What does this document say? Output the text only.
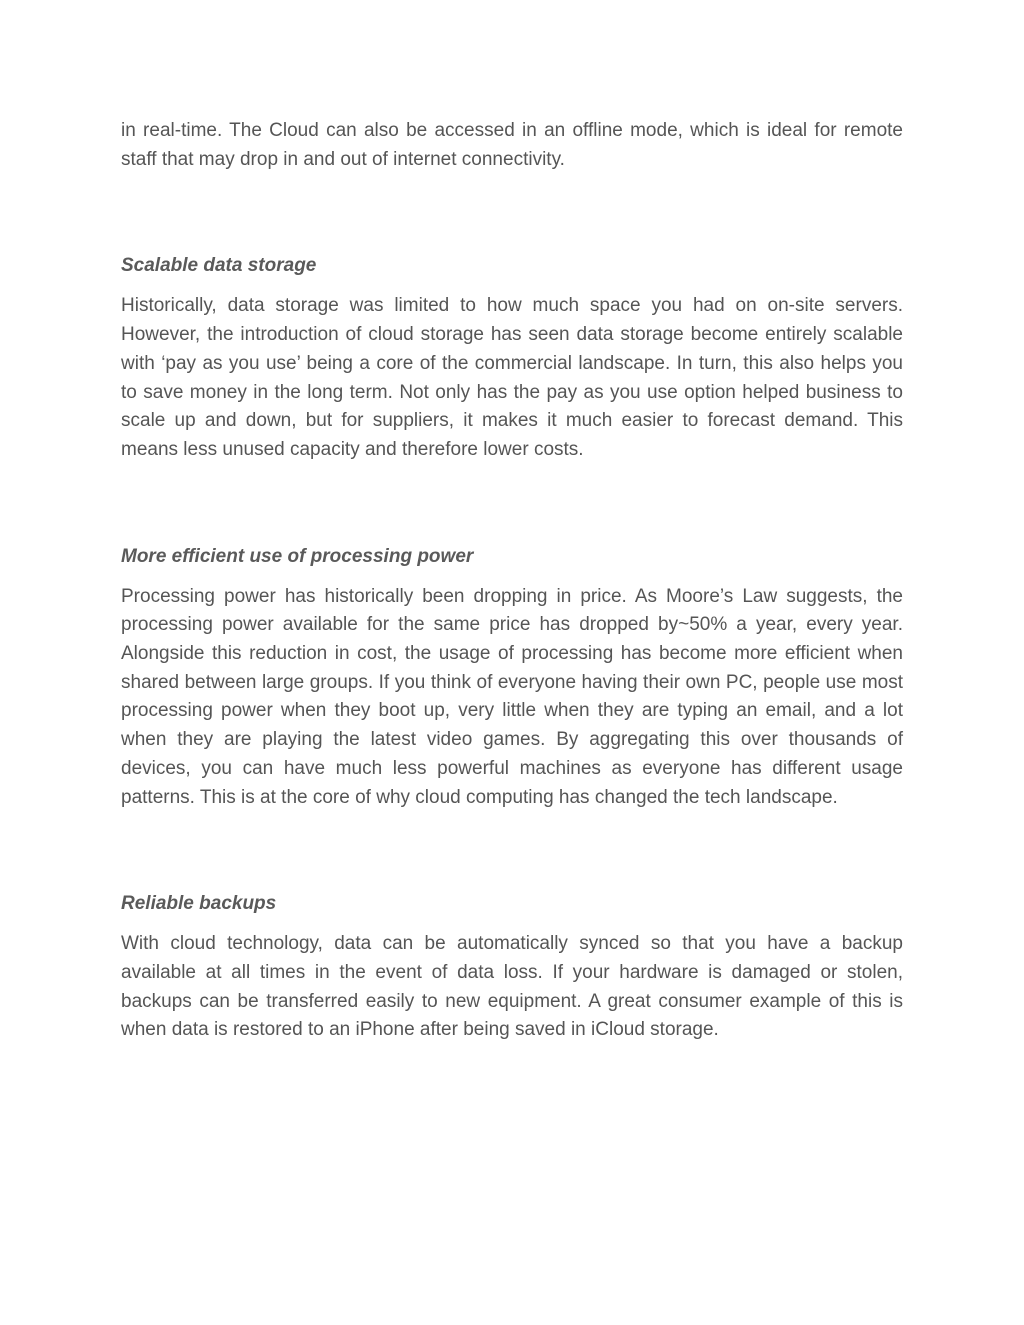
in real-time. The Cloud can also be accessed in an offline mode, which is ideal for remote staff that may drop in and out of internet connectivity.

Scalable data storage

Historically, data storage was limited to how much space you had on on-site servers. However, the introduction of cloud storage has seen data storage become entirely scalable with ‘pay as you use’ being a core of the commercial landscape. In turn, this also helps you to save money in the long term. Not only has the pay as you use option helped business to scale up and down, but for suppliers, it makes it much easier to forecast demand. This means less unused capacity and therefore lower costs.

More efficient use of processing power

Processing power has historically been dropping in price. As Moore’s Law suggests, the processing power available for the same price has dropped by~50% a year, every year. Alongside this reduction in cost, the usage of processing has become more efficient when shared between large groups. If you think of everyone having their own PC, people use most processing power when they boot up, very little when they are typing an email, and a lot when they are playing the latest video games. By aggregating this over thousands of devices, you can have much less powerful machines as everyone has different usage patterns. This is at the core of why cloud computing has changed the tech landscape.

Reliable backups

With cloud technology, data can be automatically synced so that you have a backup available at all times in the event of data loss. If your hardware is damaged or stolen, backups can be transferred easily to new equipment. A great consumer example of this is when data is restored to an iPhone after being saved in iCloud storage.
